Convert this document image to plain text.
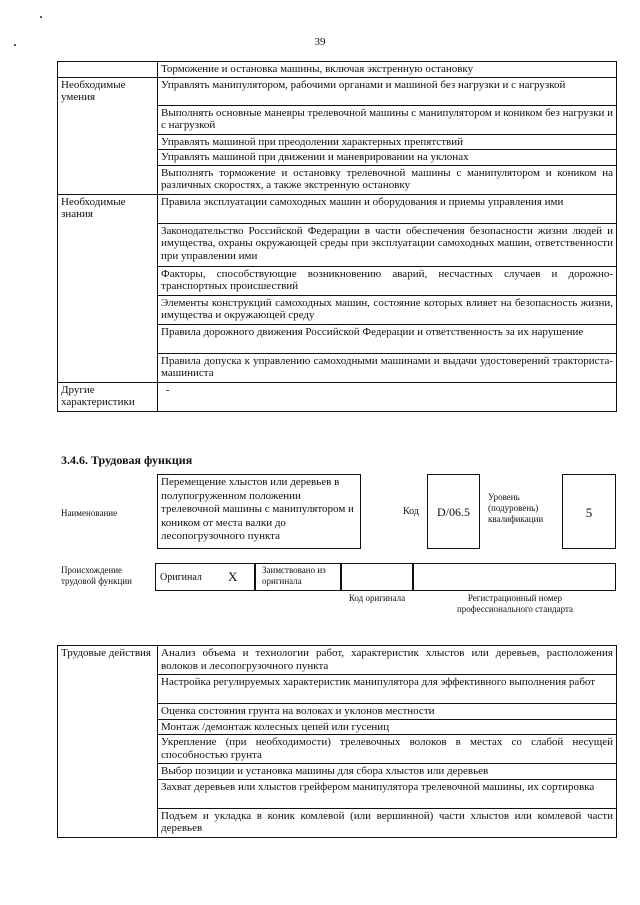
39
	Торможение и остановка машины, включая экстренную остановку
Необходимые умения	Управлять манипулятором, рабочими органами и машиной без нагрузки и с нагрузкой
	Выполнять основные маневры трелевочной машины с манипулятором и коником без нагрузки и с нагрузкой
	Управлять машиной при преодолении характерных препятствий
	Управлять машиной при движении и маневрировании на уклонах
	Выполнять торможение и остановку трелевочной машины с манипулятором и коником на различных скоростях, а также экстренную остановку
Необходимые знания	Правила эксплуатации самоходных машин и оборудования и приемы управления ими
	Законодательство Российской Федерации в части обеспечения безопасности жизни людей и имущества, охраны окружающей среды при эксплуатации самоходных машин, ответственности при управлении ими
	Факторы, способствующие возникновению аварий, несчастных случаев и дорожно-транспортных происшествий
	Элементы конструкций самоходных машин, состояние которых влияет на безопасность жизни, имущества и окружающей среду
	Правила дорожного движения Российской Федерации и ответственность за их нарушение
	Правила допуска к управлению самоходными машинами и выдачи удостоверений тракториста-машиниста
Другие характеристики	-
3.4.6. Трудовая функция
Наименование
Перемещение хлыстов или деревьев в полупогруженном положении трелевочной машины с манипулятором и коником от места валки до лесопогрузочного пункта
Код	D/06.5
Уровень (подуровень) квалификации	5
Происхождение трудовой функции	Оригинал X	Заимствовано из оригинала
Код оригинала	Регистрационный номер профессионального стандарта
Трудовые действия	Анализ объема и технологии работ, характеристик хлыстов или деревьев, расположения волоков и лесопогрузочного пункта
Настройка регулируемых характеристик манипулятора для эффективного выполнения работ
Оценка состояния грунта на волоках и уклонов местности
Монтаж /демонтаж колесных цепей или гусениц
Укрепление (при необходимости) трелевочных волоков в местах со слабой несущей способностью грунта
Выбор позиции и установка машины для сбора хлыстов или деревьев
Захват деревьев или хлыстов грейфером манипулятора трелевочной машины, их сортировка
Подъем и укладка в коник комлевой (или вершинной) части хлыстов или комлевой части деревьев
